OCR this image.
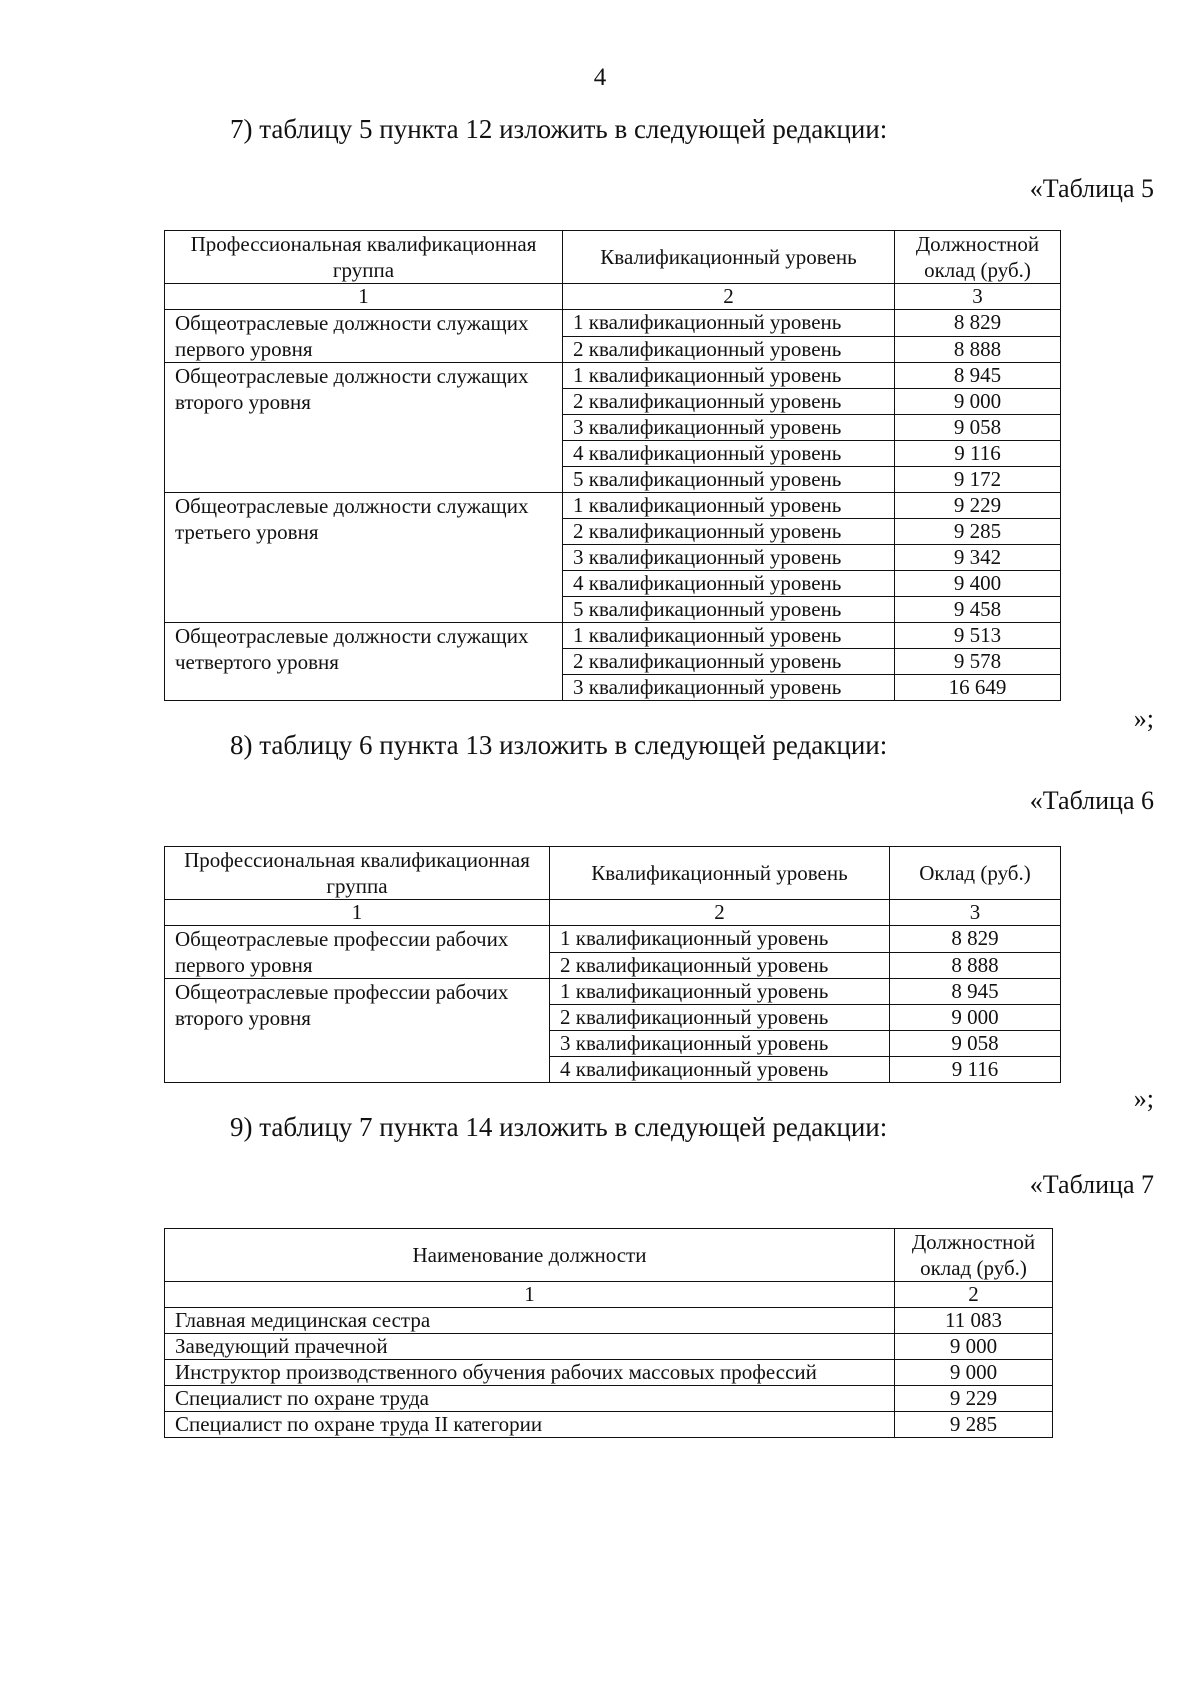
4
7) таблицу 5 пункта 12 изложить в следующей редакции:
«Таблица 5
Профессиональная квалификационная группа	Квалификационный уровень	Должностной оклад (руб.)
1	2	3
Общеотраслевые должности служащих первого уровня	1 квалификационный уровень	8 829
	2 квалификационный уровень	8 888
Общеотраслевые должности служащих второго уровня	1 квалификационный уровень	8 945
	2 квалификационный уровень	9 000
	3 квалификационный уровень	9 058
	4 квалификационный уровень	9 116
	5 квалификационный уровень	9 172
Общеотраслевые должности служащих третьего уровня	1 квалификационный уровень	9 229
	2 квалификационный уровень	9 285
	3 квалификационный уровень	9 342
	4 квалификационный уровень	9 400
	5 квалификационный уровень	9 458
Общеотраслевые должности служащих четвертого уровня	1 квалификационный уровень	9 513
	2 квалификационный уровень	9 578
	3 квалификационный уровень	16 649
»;
8) таблицу 6 пункта 13 изложить в следующей редакции:
«Таблица 6
Профессиональная квалификационная группа	Квалификационный уровень	Оклад (руб.)
1	2	3
Общеотраслевые профессии рабочих первого уровня	1 квалификационный уровень	8 829
	2 квалификационный уровень	8 888
Общеотраслевые профессии рабочих второго уровня	1 квалификационный уровень	8 945
	2 квалификационный уровень	9 000
	3 квалификационный уровень	9 058
	4 квалификационный уровень	9 116
»;
9) таблицу 7 пункта 14 изложить в следующей редакции:
«Таблица 7
Наименование должности	Должностной оклад (руб.)
1	2
Главная медицинская сестра	11 083
Заведующий прачечной	9 000
Инструктор производственного обучения рабочих массовых профессий	9 000
Специалист по охране труда	9 229
Специалист по охране труда II категории	9 285
